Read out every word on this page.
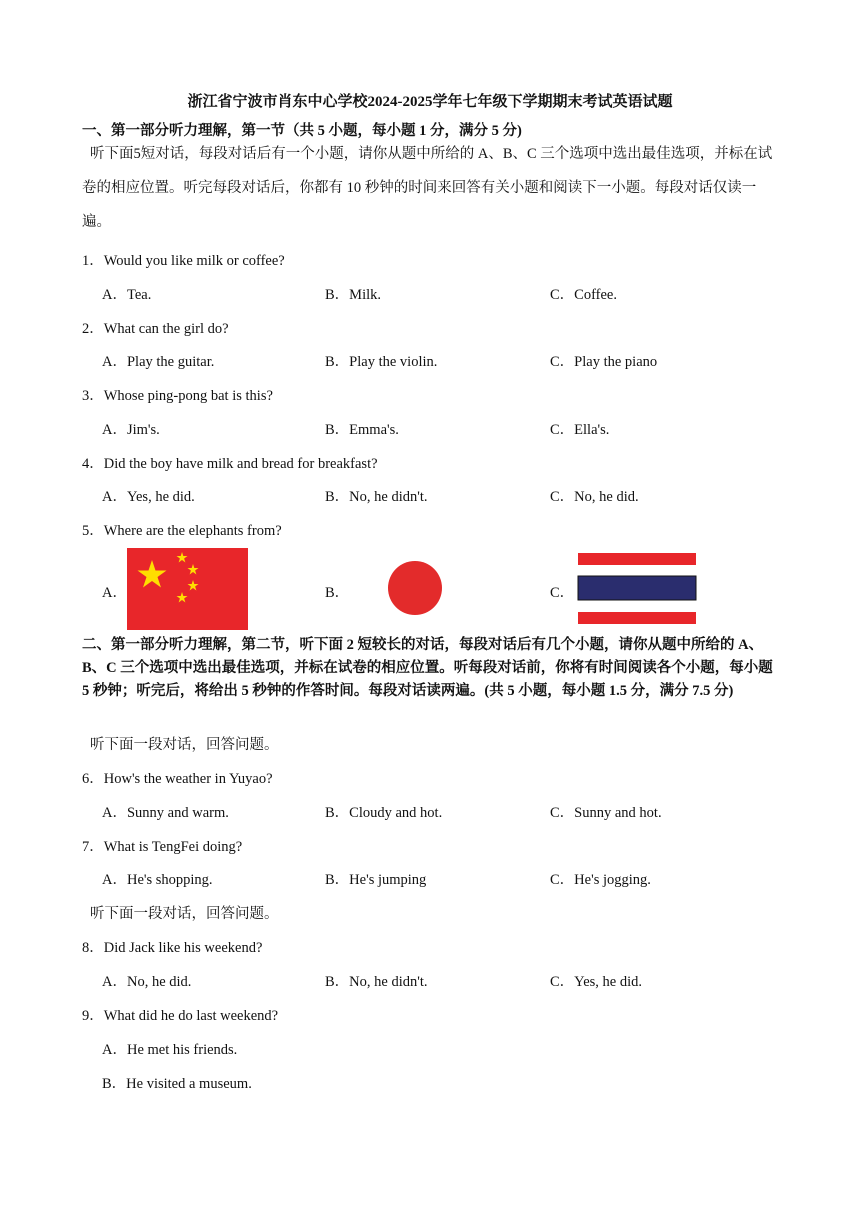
浙江省宁波市肖东中心学校2024-2025学年七年级下学期期末考试英语试题
一、第一部分听力理解，第一节（共 5 小题，每小题 1 分，满分 5 分)
听下面5短对话，每段对话后有一个小题，请你从题中所给的 A、B、C 三个选项中选出最佳选项，并标在试卷的相应位置。听完每段对话后，你都有 10 秒钟的时间来回答有关小题和阅读下一小题。每段对话仅读一遍。
1．Would you like milk or coffee?
A．Tea.	B．Milk.	C．Coffee.
2．What can the girl do?
A．Play the guitar.	B．Play the violin.	C．Play the piano
3．Whose ping-pong bat is this?
A．Jim's.	B．Emma's.	C．Ella's.
4．Did the boy have milk and bread for breakfast?
A．Yes, he did.	B．No, he didn't.	C．No, he did.
5．Where are the elephants from?
A．	B．	C．
二、第一部分听力理解，第二节，听下面 2 短较长的对话，每段对话后有几个小题，请你从题中所给的 A、B、C 三个选项中选出最佳选项，并标在试卷的相应位置。听每段对话前，你将有时间阅读各个小题，每小题 5 秒钟；听完后，将给出 5 秒钟的作答时间。每段对话读两遍。(共 5 小题，每小题 1.5 分，满分 7.5 分)
听下面一段对话，回答问题。
6．How's the weather in Yuyao?
A．Sunny and warm.	B．Cloudy and hot.	C．Sunny and hot.
7．What is TengFei doing?
A．He's shopping.	B．He's jumping	C．He's jogging.
听下面一段对话，回答问题。
8．Did Jack like his weekend?
A．No, he did.	B．No, he didn't.	C．Yes, he did.
9．What did he do last weekend?
A．He met his friends.
B．He visited a museum.
